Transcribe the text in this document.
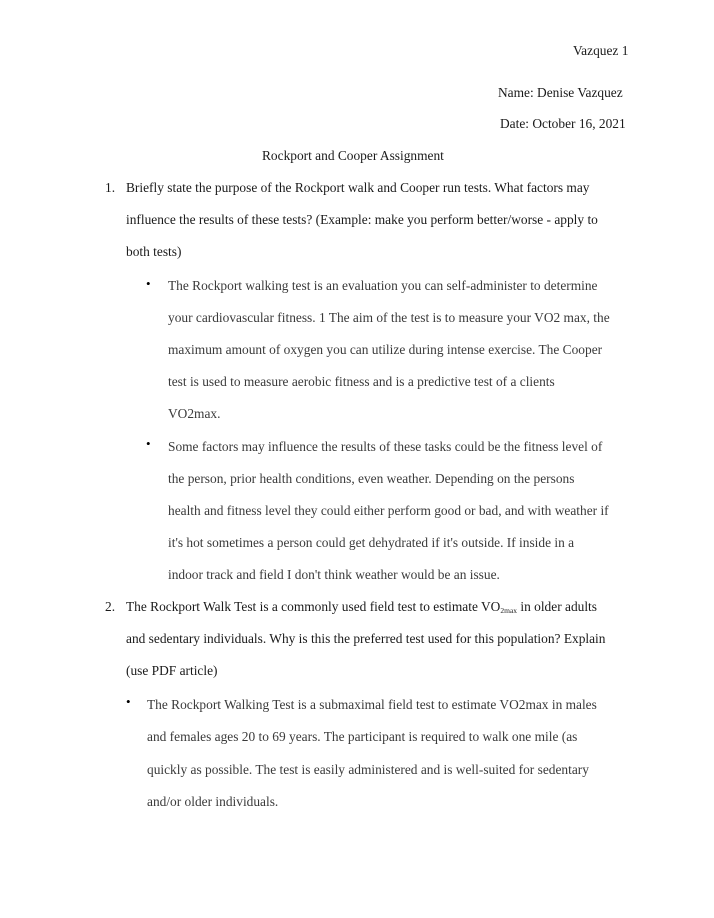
Vazquez 1
Name: Denise Vazquez
Date: October 16, 2021
Rockport and Cooper Assignment
1. Briefly state the purpose of the Rockport walk and Cooper run tests. What factors may
influence the results of these tests? (Example: make you perform better/worse - apply to
both tests)
• The Rockport walking test is an evaluation you can self-administer to determine
your cardiovascular fitness. 1 The aim of the test is to measure your VO2 max, the
maximum amount of oxygen you can utilize during intense exercise. The Cooper
test is used to measure aerobic fitness and is a predictive test of a clients
VO2max.
• Some factors may influence the results of these tasks could be the fitness level of
the person, prior health conditions, even weather. Depending on the persons
health and fitness level they could either perform good or bad, and with weather if
it's hot sometimes a person could get dehydrated if it's outside. If inside in a
indoor track and field I don't think weather would be an issue.
2. The Rockport Walk Test is a commonly used field test to estimate $VO_{2max}$ in older adults
and sedentary individuals. Why is this the preferred test used for this population? Explain
(use PDF article)
• The Rockport Walking Test is a submaximal field test to estimate VO2max in males
and females ages 20 to 69 years. The participant is required to walk one mile (as
quickly as possible. The test is easily administered and is well-suited for sedentary
and/or older individuals.
